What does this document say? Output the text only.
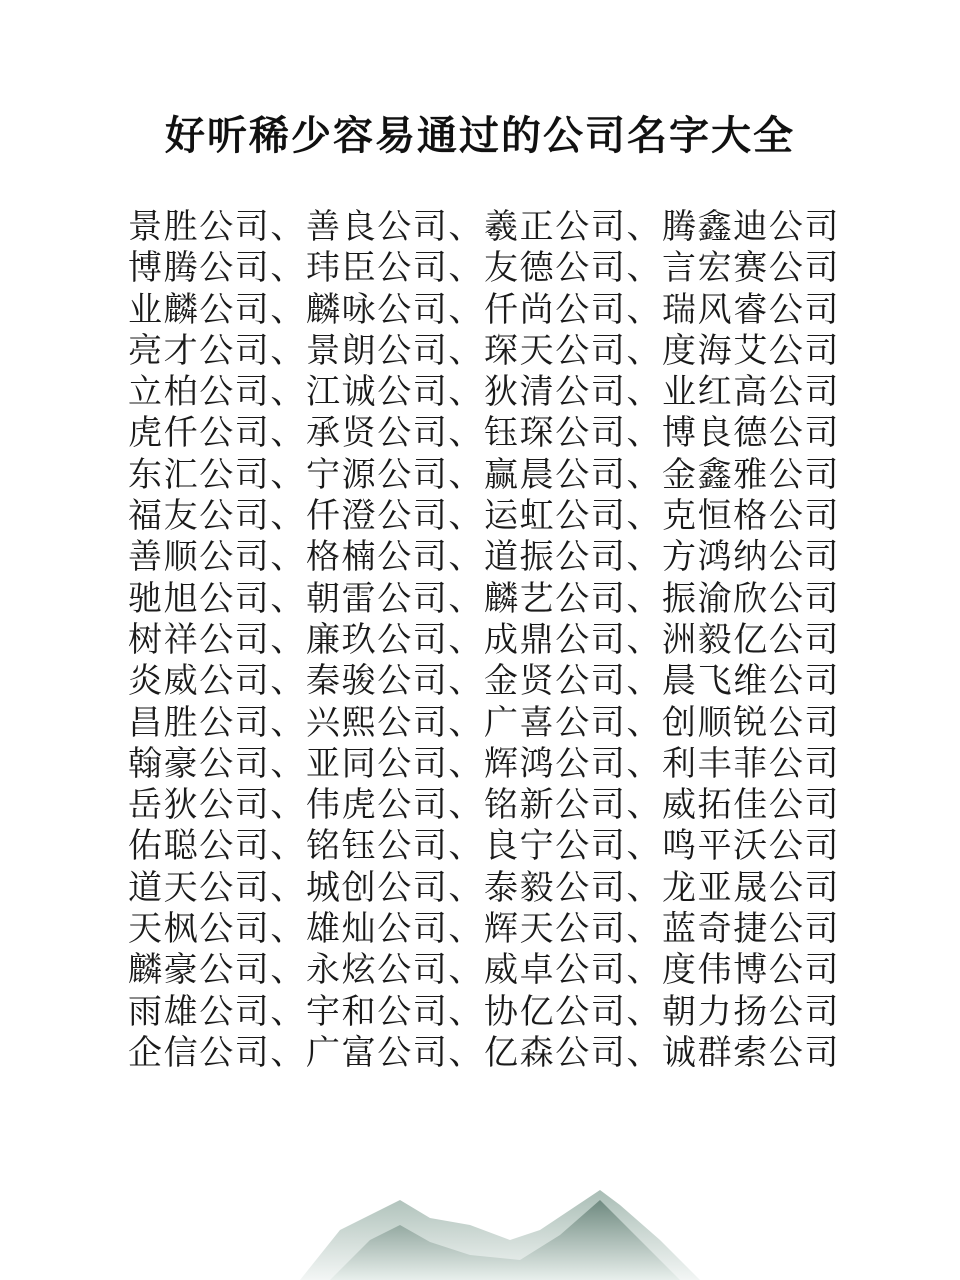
好听稀少容易通过的公司名字大全
景胜公司、善良公司、羲正公司、腾鑫迪公司
博腾公司、玮臣公司、友德公司、言宏赛公司
业麟公司、麟咏公司、仟尚公司、瑞风睿公司
亮才公司、景朗公司、琛天公司、度海艾公司
立柏公司、江诚公司、狄清公司、业红高公司
虎仟公司、承贤公司、钰琛公司、博良德公司
东汇公司、宁源公司、赢晨公司、金鑫雅公司
福友公司、仟澄公司、运虹公司、克恒格公司
善顺公司、格楠公司、道振公司、方鸿纳公司
驰旭公司、朝雷公司、麟艺公司、振渝欣公司
树祥公司、廉玖公司、成鼎公司、洲毅亿公司
炎威公司、秦骏公司、金贤公司、晨飞维公司
昌胜公司、兴熙公司、广喜公司、创顺锐公司
翰豪公司、亚同公司、辉鸿公司、利丰菲公司
岳狄公司、伟虎公司、铭新公司、威拓佳公司
佑聪公司、铭钰公司、良宁公司、鸣平沃公司
道天公司、城创公司、泰毅公司、龙亚晟公司
天枫公司、雄灿公司、辉天公司、蓝奇捷公司
麟豪公司、永炫公司、威卓公司、度伟博公司
雨雄公司、宇和公司、协亿公司、朝力扬公司
企信公司、广富公司、亿森公司、诚群索公司
